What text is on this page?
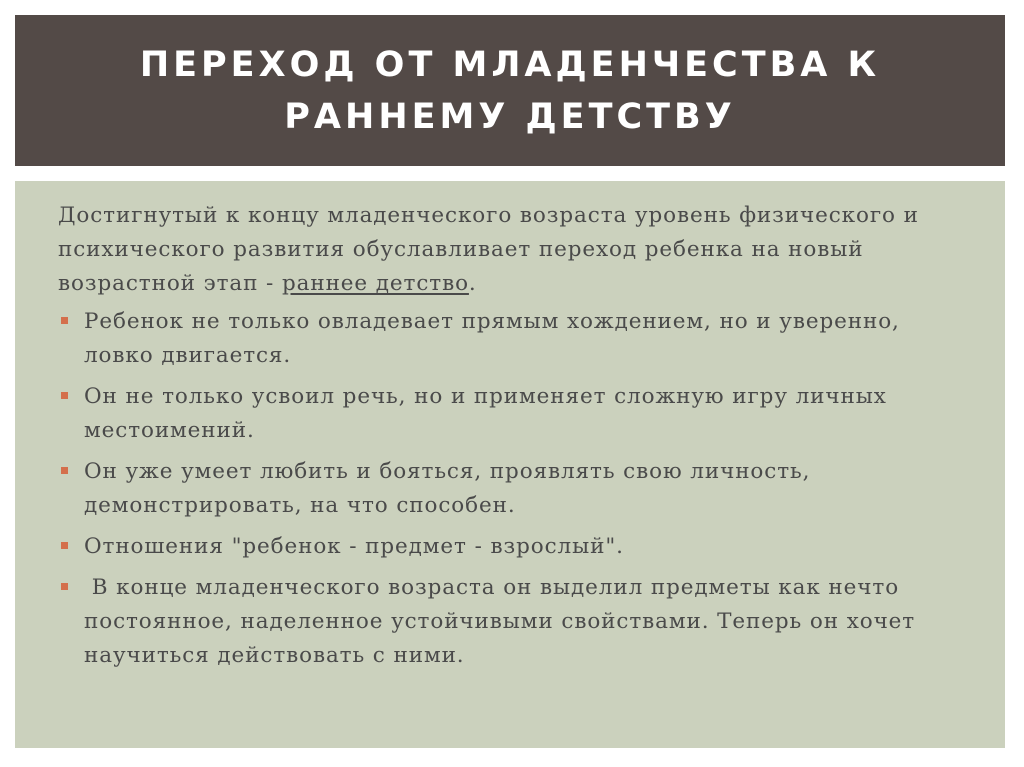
ПЕРЕХОД ОТ МЛАДЕНЧЕСТВА К РАННЕМУ ДЕТСТВУ

Достигнутый к концу младенческого возраста уровень физического и психического развития обуславливает переход ребенка на новый возрастной этап - раннее детство.

Ребенок не только овладевает прямым хождением, но и уверенно, ловко двигается.
Он не только усвоил речь, но и применяет сложную игру личных местоимений.
Он уже умеет любить и бояться, проявлять свою личность, демонстрировать, на что способен.
Отношения "ребенок - предмет - взрослый".
В конце младенческого возраста он выделил предметы как нечто постоянное, наделенное устойчивыми свойствами. Теперь он хочет научиться действовать с ними.
